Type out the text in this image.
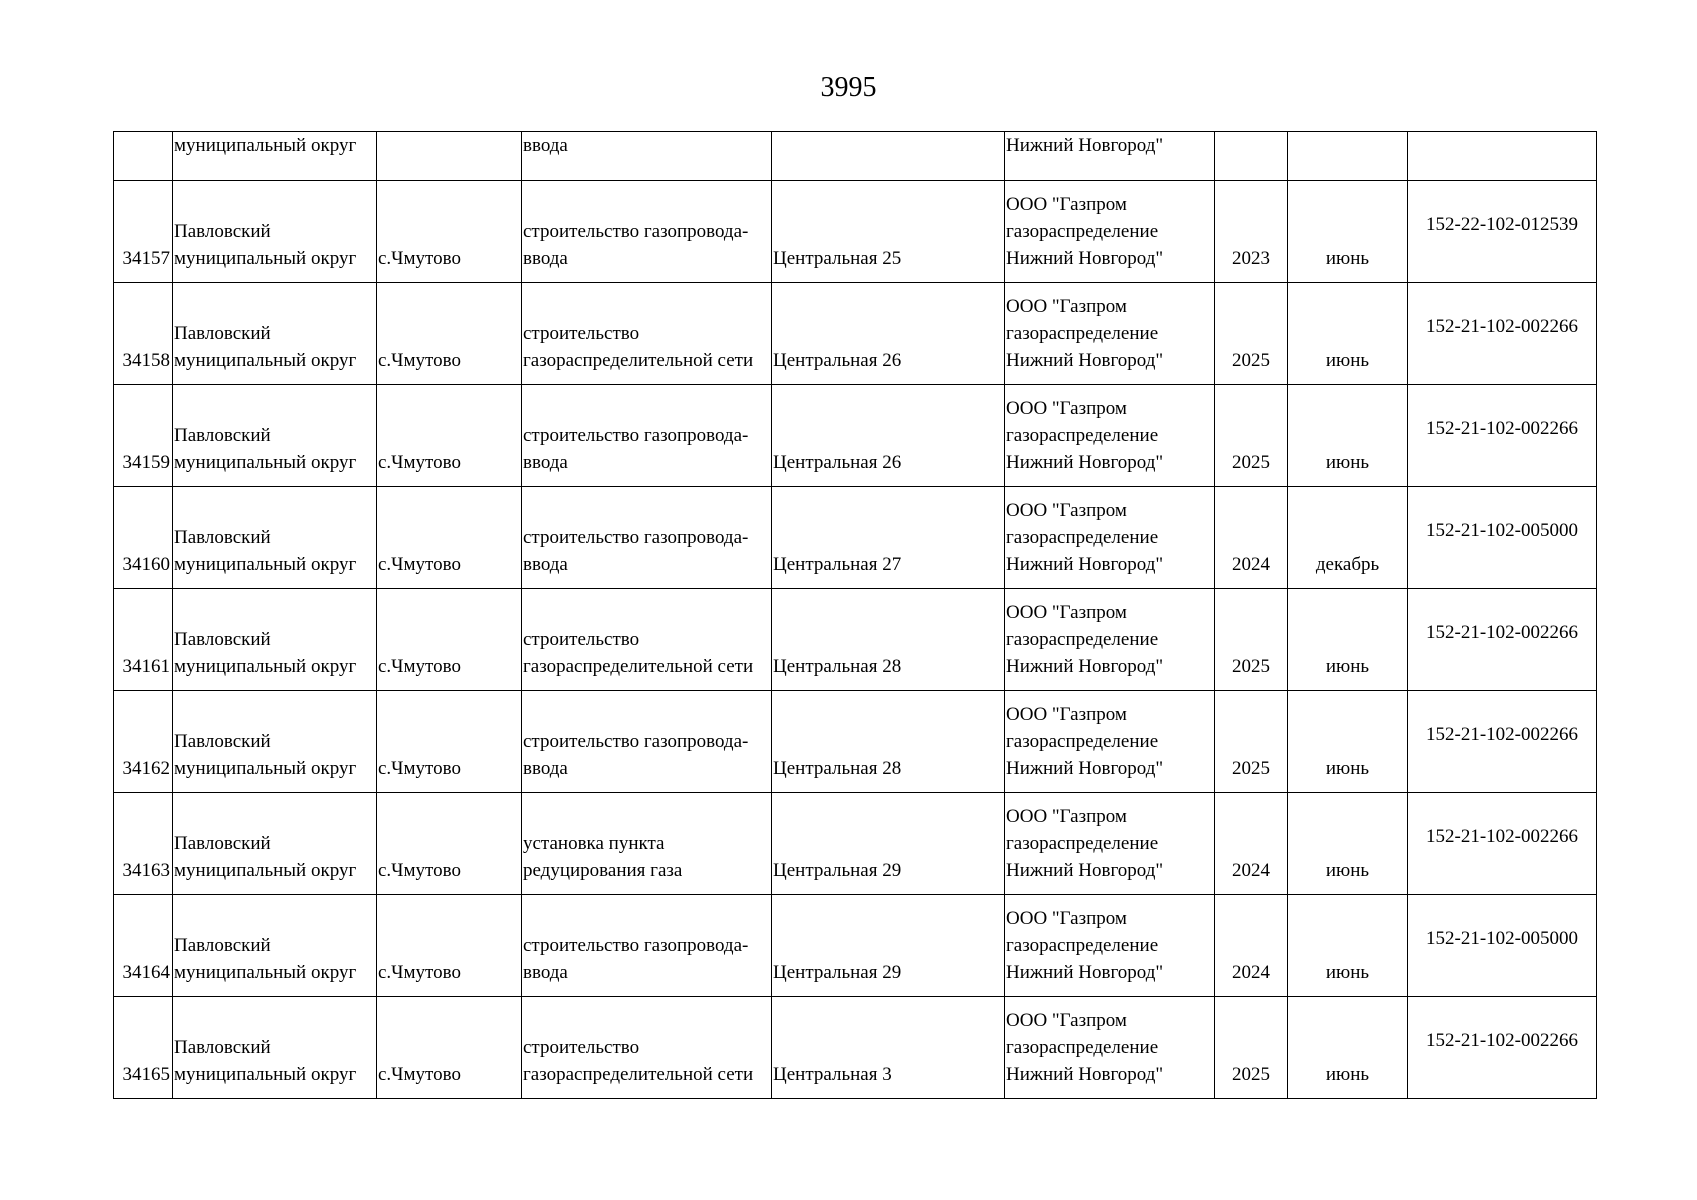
3995

	муниципальный округ		ввода		Нижний Новгород"			

34157	Павловский
муниципальный округ	с.Чмутово	строительство газопровода-
ввода	Центральная 25	ООО "Газпром
газораспределение
Нижний Новгород"	2023	июнь	152-22-102-012539
34158	Павловский
муниципальный округ	с.Чмутово	строительство
газораспределительной сети	Центральная 26	ООО "Газпром
газораспределение
Нижний Новгород"	2025	июнь	152-21-102-002266
34159	Павловский
муниципальный округ	с.Чмутово	строительство газопровода-
ввода	Центральная 26	ООО "Газпром
газораспределение
Нижний Новгород"	2025	июнь	152-21-102-002266
34160	Павловский
муниципальный округ	с.Чмутово	строительство газопровода-
ввода	Центральная 27	ООО "Газпром
газораспределение
Нижний Новгород"	2024	декабрь	152-21-102-005000
34161	Павловский
муниципальный округ	с.Чмутово	строительство
газораспределительной сети	Центральная 28	ООО "Газпром
газораспределение
Нижний Новгород"	2025	июнь	152-21-102-002266
34162	Павловский
муниципальный округ	с.Чмутово	строительство газопровода-
ввода	Центральная 28	ООО "Газпром
газораспределение
Нижний Новгород"	2025	июнь	152-21-102-002266
34163	Павловский
муниципальный округ	с.Чмутово	установка пункта
редуцирования газа	Центральная 29	ООО "Газпром
газораспределение
Нижний Новгород"	2024	июнь	152-21-102-002266
34164	Павловский
муниципальный округ	с.Чмутово	строительство газопровода-
ввода	Центральная 29	ООО "Газпром
газораспределение
Нижний Новгород"	2024	июнь	152-21-102-005000
34165	Павловский
муниципальный округ	с.Чмутово	строительство
газораспределительной сети	Центральная 3	ООО "Газпром
газораспределение
Нижний Новгород"	2025	июнь	152-21-102-002266
